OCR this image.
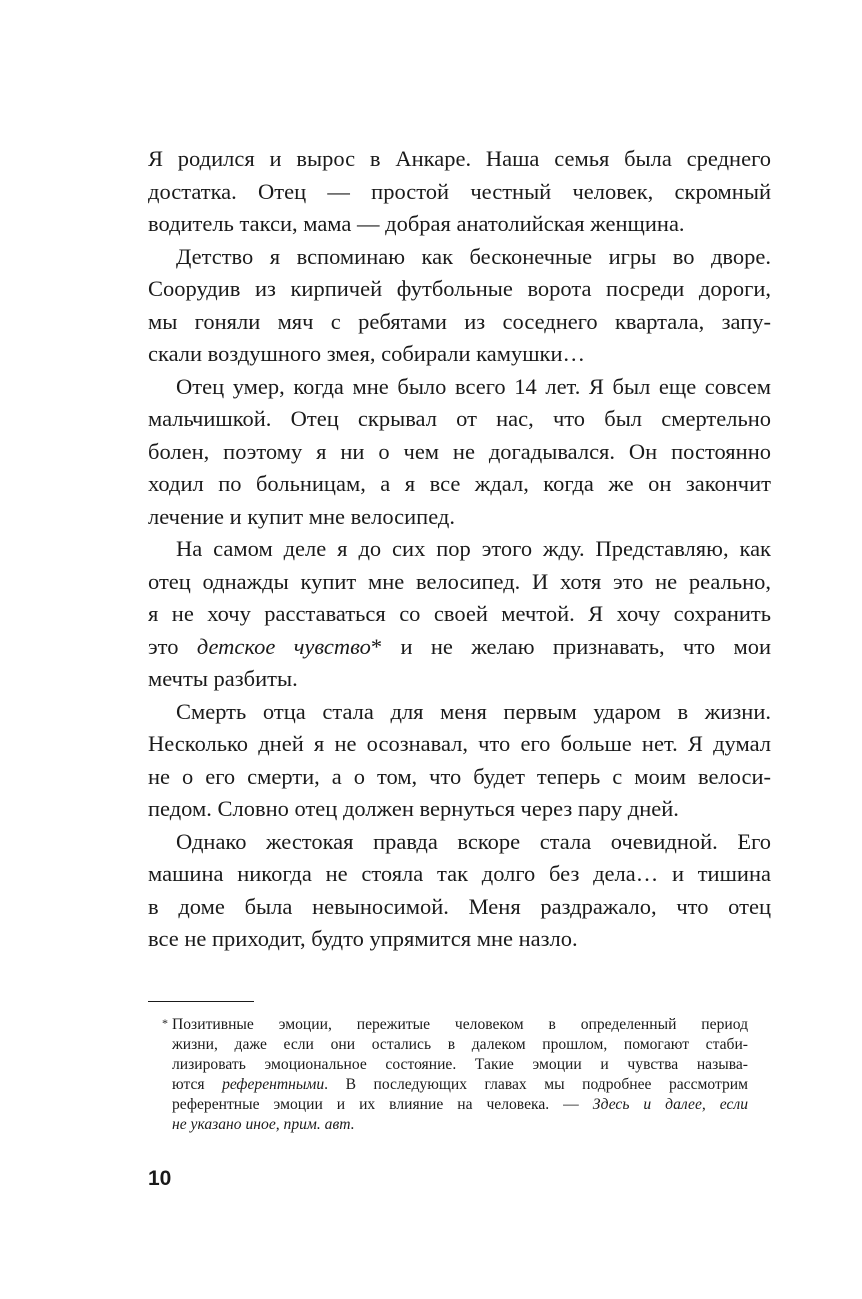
Я родился и вырос в Анкаре. Наша семья была среднего
достатка. Отец — простой честный человек, скромный
водитель такси, мама — добрая анатолийская женщина.
Детство я вспоминаю как бесконечные игры во дворе.
Соорудив из кирпичей футбольные ворота посреди дороги,
мы гоняли мяч с ребятами из соседнего квартала, запу-
скали воздушного змея, собирали камушки…
Отец умер, когда мне было всего 14 лет. Я был еще совсем
мальчишкой. Отец скрывал от нас, что был смертельно
болен, поэтому я ни о чем не догадывался. Он постоянно
ходил по больницам, а я все ждал, когда же он закончит
лечение и купит мне велосипед.
На самом деле я до сих пор этого жду. Представляю, как
отец однажды купит мне велосипед. И хотя это не реально,
я не хочу расставаться со своей мечтой. Я хочу сохранить
это детское чувство* и не желаю признавать, что мои
мечты разбиты.
Смерть отца стала для меня первым ударом в жизни.
Несколько дней я не осознавал, что его больше нет. Я думал
не о его смерти, а о том, что будет теперь с моим велоси-
педом. Словно отец должен вернуться через пару дней.
Однако жестокая правда вскоре стала очевидной. Его
машина никогда не стояла так долго без дела… и тишина
в доме была невыносимой. Меня раздражало, что отец
все не приходит, будто упрямится мне назло.
* Позитивные эмоции, пережитые человеком в определенный период
жизни, даже если они остались в далеком прошлом, помогают стаби-
лизировать эмоциональное состояние. Такие эмоции и чувства называ-
ются референтными. В последующих главах мы подробнее рассмотрим
референтные эмоции и их влияние на человека. — Здесь и далее, если
не указано иное, прим. авт.
10
